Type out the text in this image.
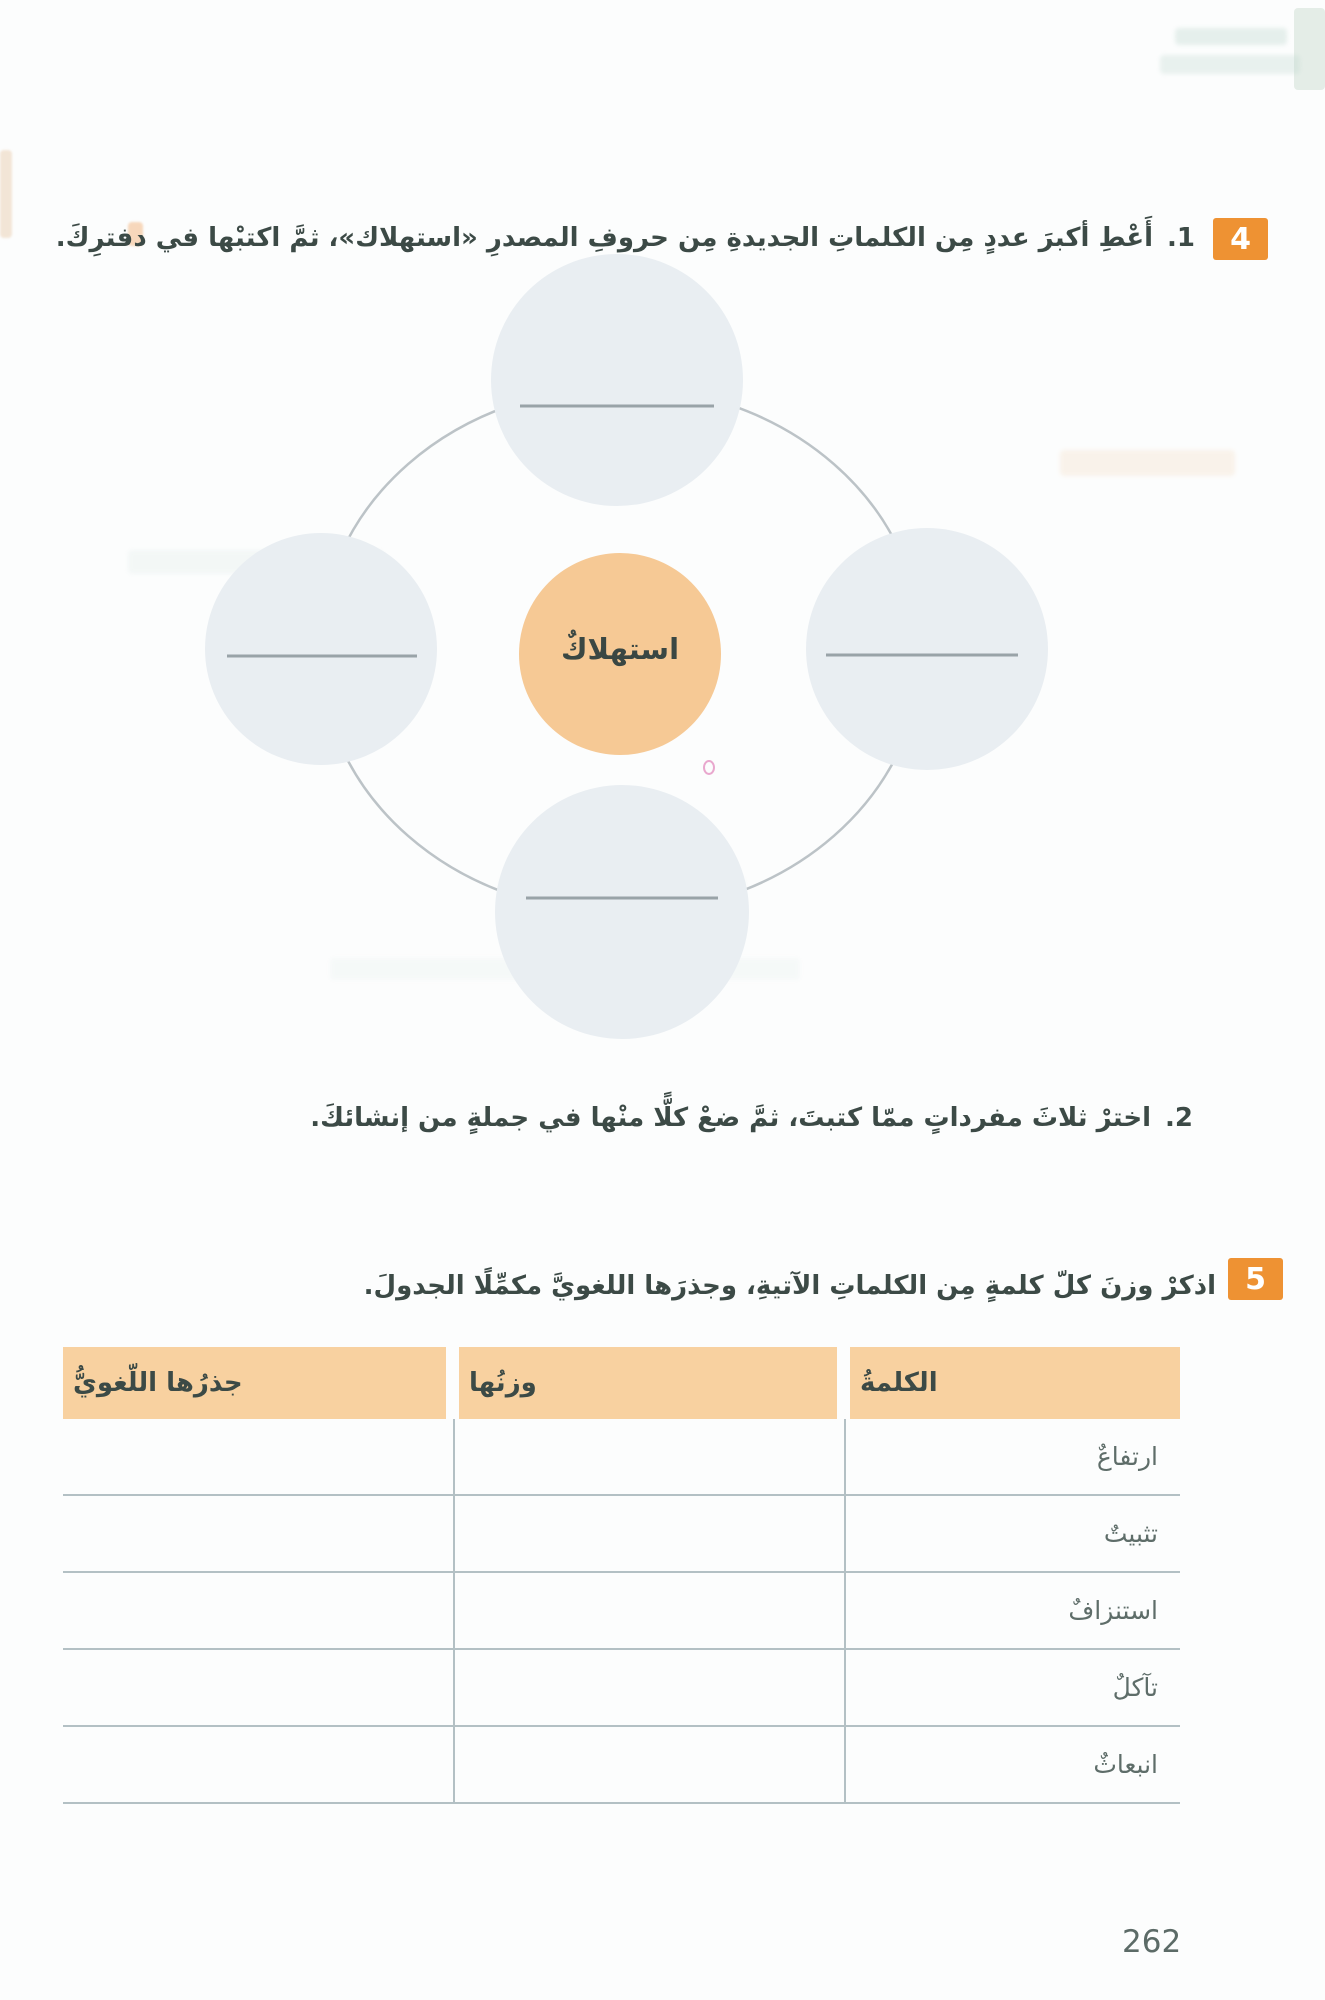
4
1.أَعْطِ أكبرَ عددٍ مِن الكلماتِ الجديدةِ مِن حروفِ المصدرِ «استهلاك»، ثمَّ اكتبْها في دفترِكَ.
استهلاكٌ
2.اخترْ ثلاثَ مفرداتٍ ممّا كتبتَ، ثمَّ ضعْ كلًّا منْها في جملةٍ من إنشائكَ.
5
اذكرْ وزنَ كلّ كلمةٍ مِن الكلماتِ الآتيةِ، وجذرَها اللغويَّ مكمِّلًا الجدولَ.
الكلمةُ
وزنُها
جذرُها اللّغويُّ
ارتفاعٌ
تثبيتٌ
استنزافٌ
تآكلٌ
انبعاثٌ
262
